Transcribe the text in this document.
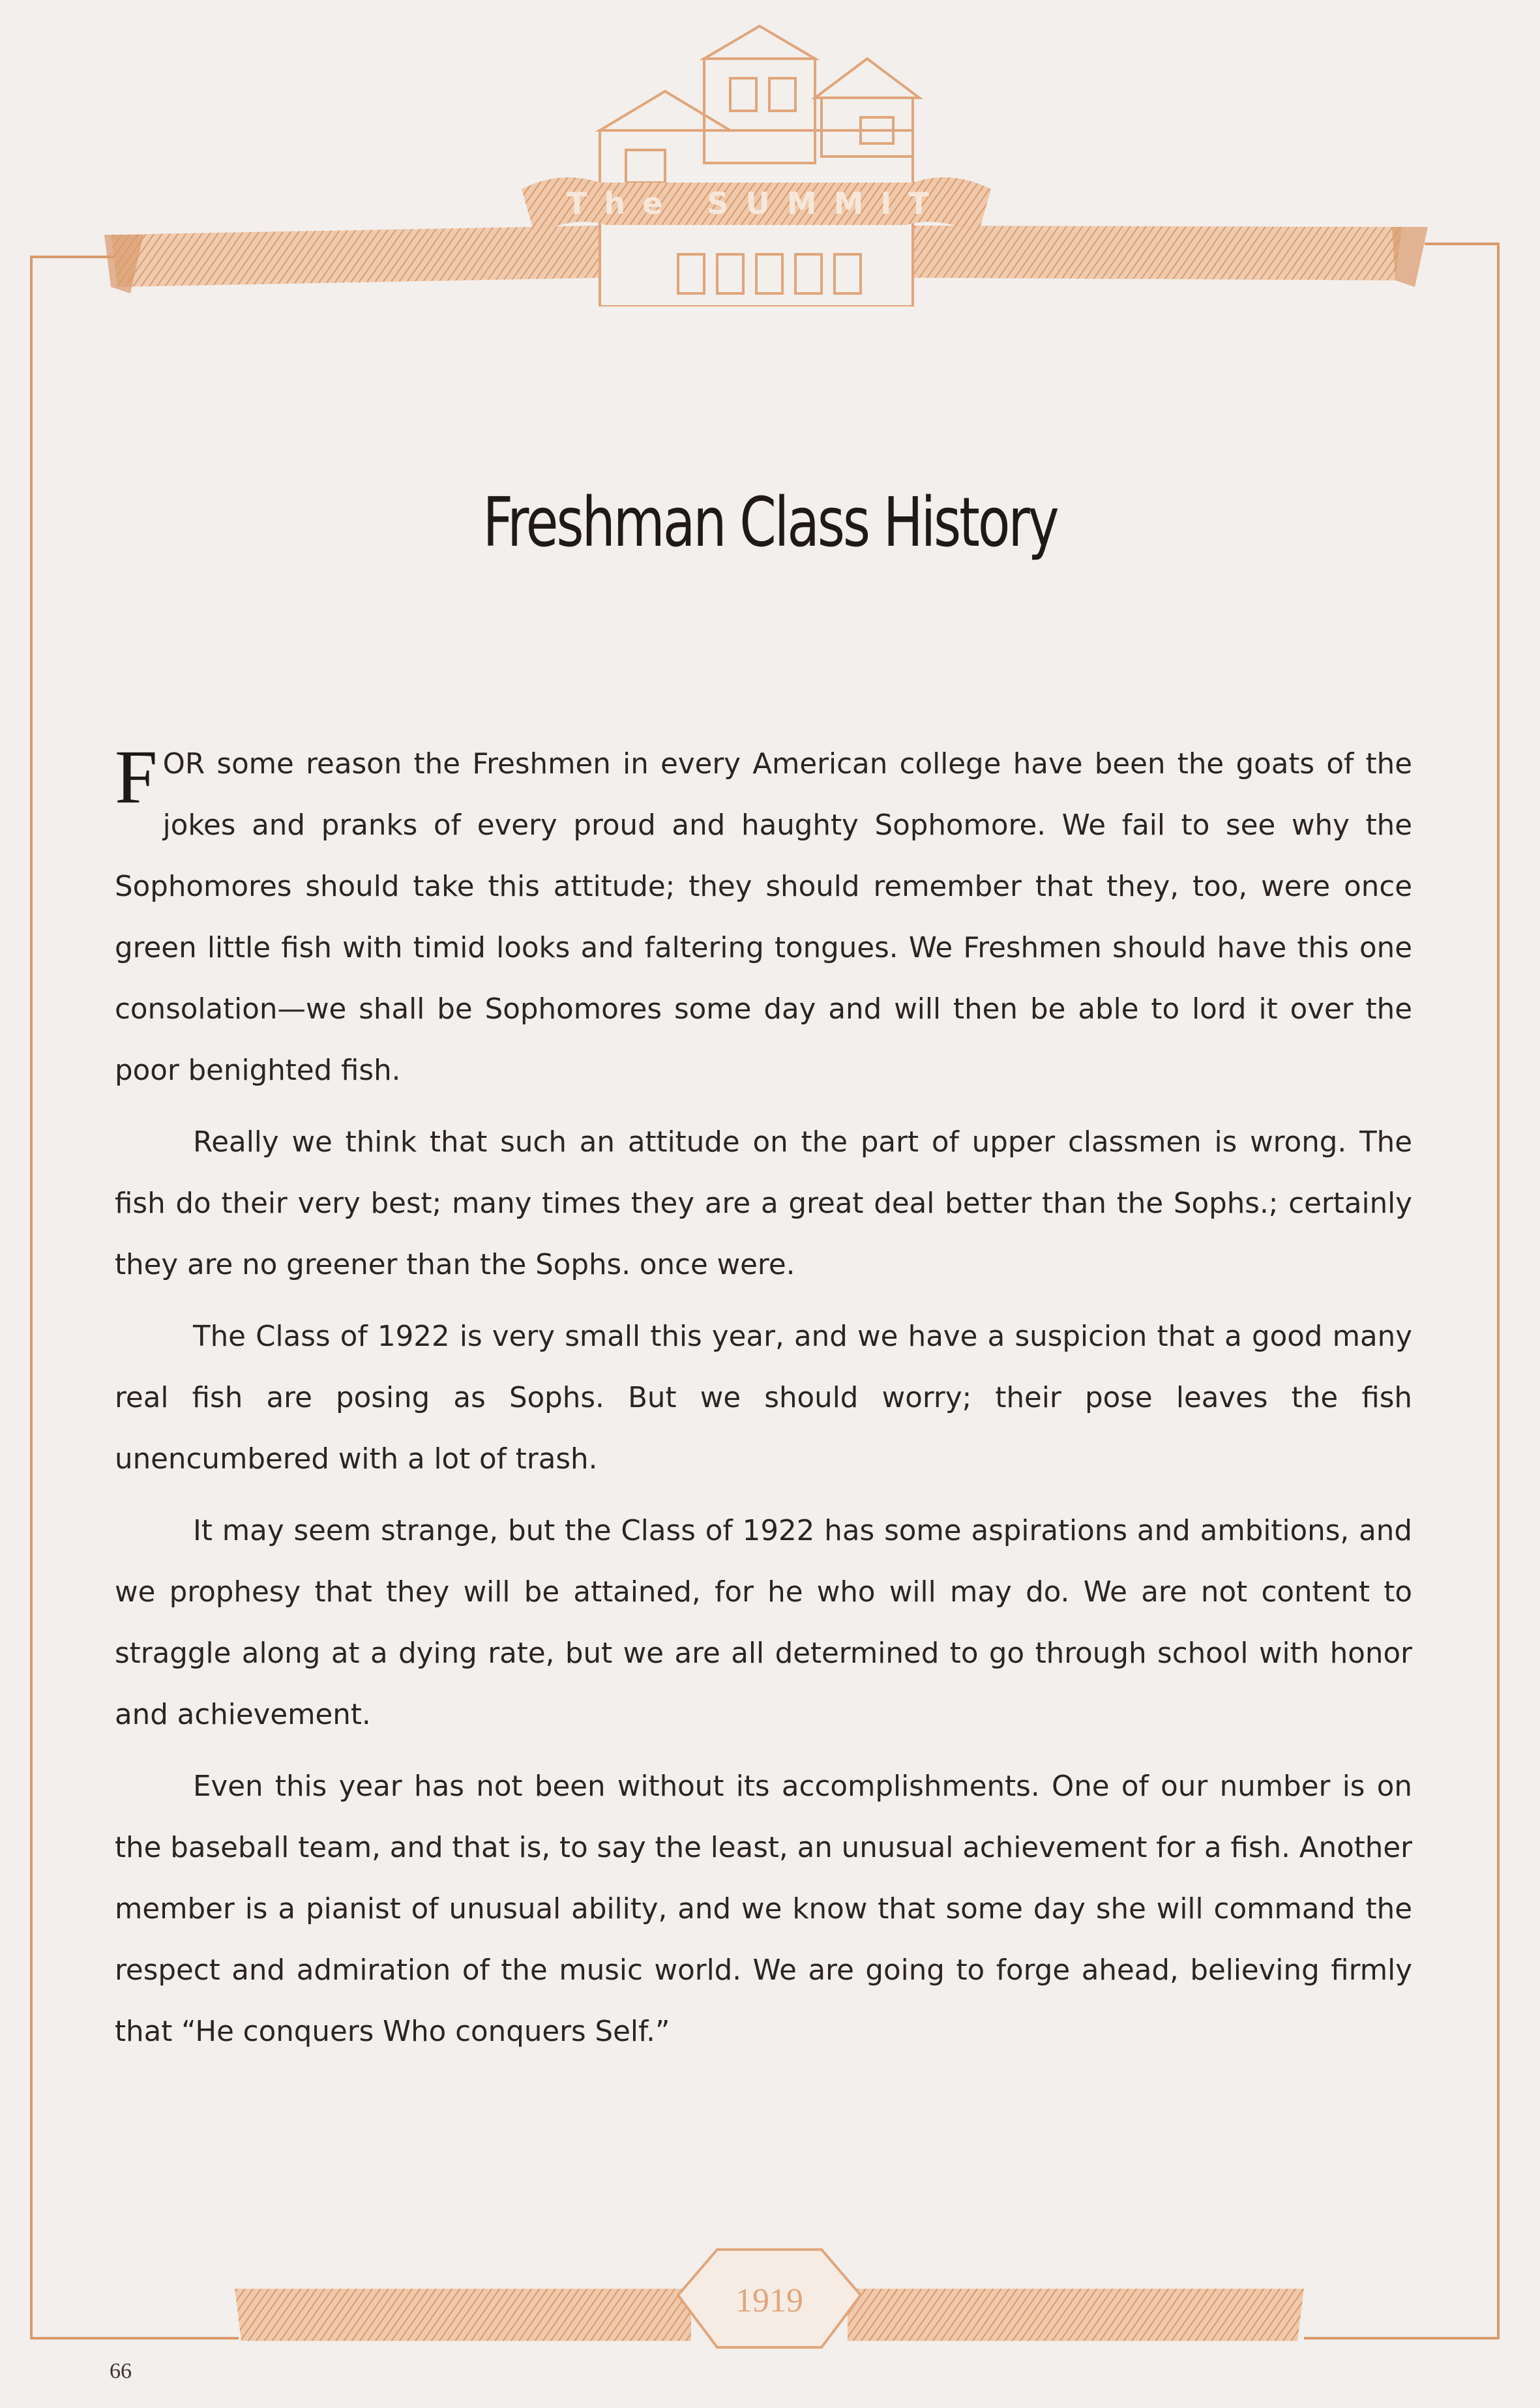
The SUMMIT
Freshman Class History

FOR some reason the Freshmen in every American college have been the goats of the jokes and pranks of every proud and haughty Sophomore. We fail to see why the Sophomores should take this attitude; they should remember that they, too, were once green little fish with timid looks and faltering tongues. We Freshmen should have this one consolation—we shall be Sophomores some day and will then be able to lord it over the poor benighted fish.

Really we think that such an attitude on the part of upper classmen is wrong. The fish do their very best; many times they are a great deal better than the Sophs.; certainly they are no greener than the Sophs. once were.

The Class of 1922 is very small this year, and we have a suspicion that a good many real fish are posing as Sophs. But we should worry; their pose leaves the fish unencumbered with a lot of trash.

It may seem strange, but the Class of 1922 has some aspirations and ambitions, and we prophesy that they will be attained, for he who will may do. We are not content to straggle along at a dying rate, but we are all determined to go through school with honor and achievement.

Even this year has not been without its accomplishments. One of our number is on the baseball team, and that is, to say the least, an unusual achievement for a fish. Another member is a pianist of unusual ability, and we know that some day she will command the respect and admiration of the music world. We are going to forge ahead, believing firmly that “He conquers Who conquers Self.”

1919
66
